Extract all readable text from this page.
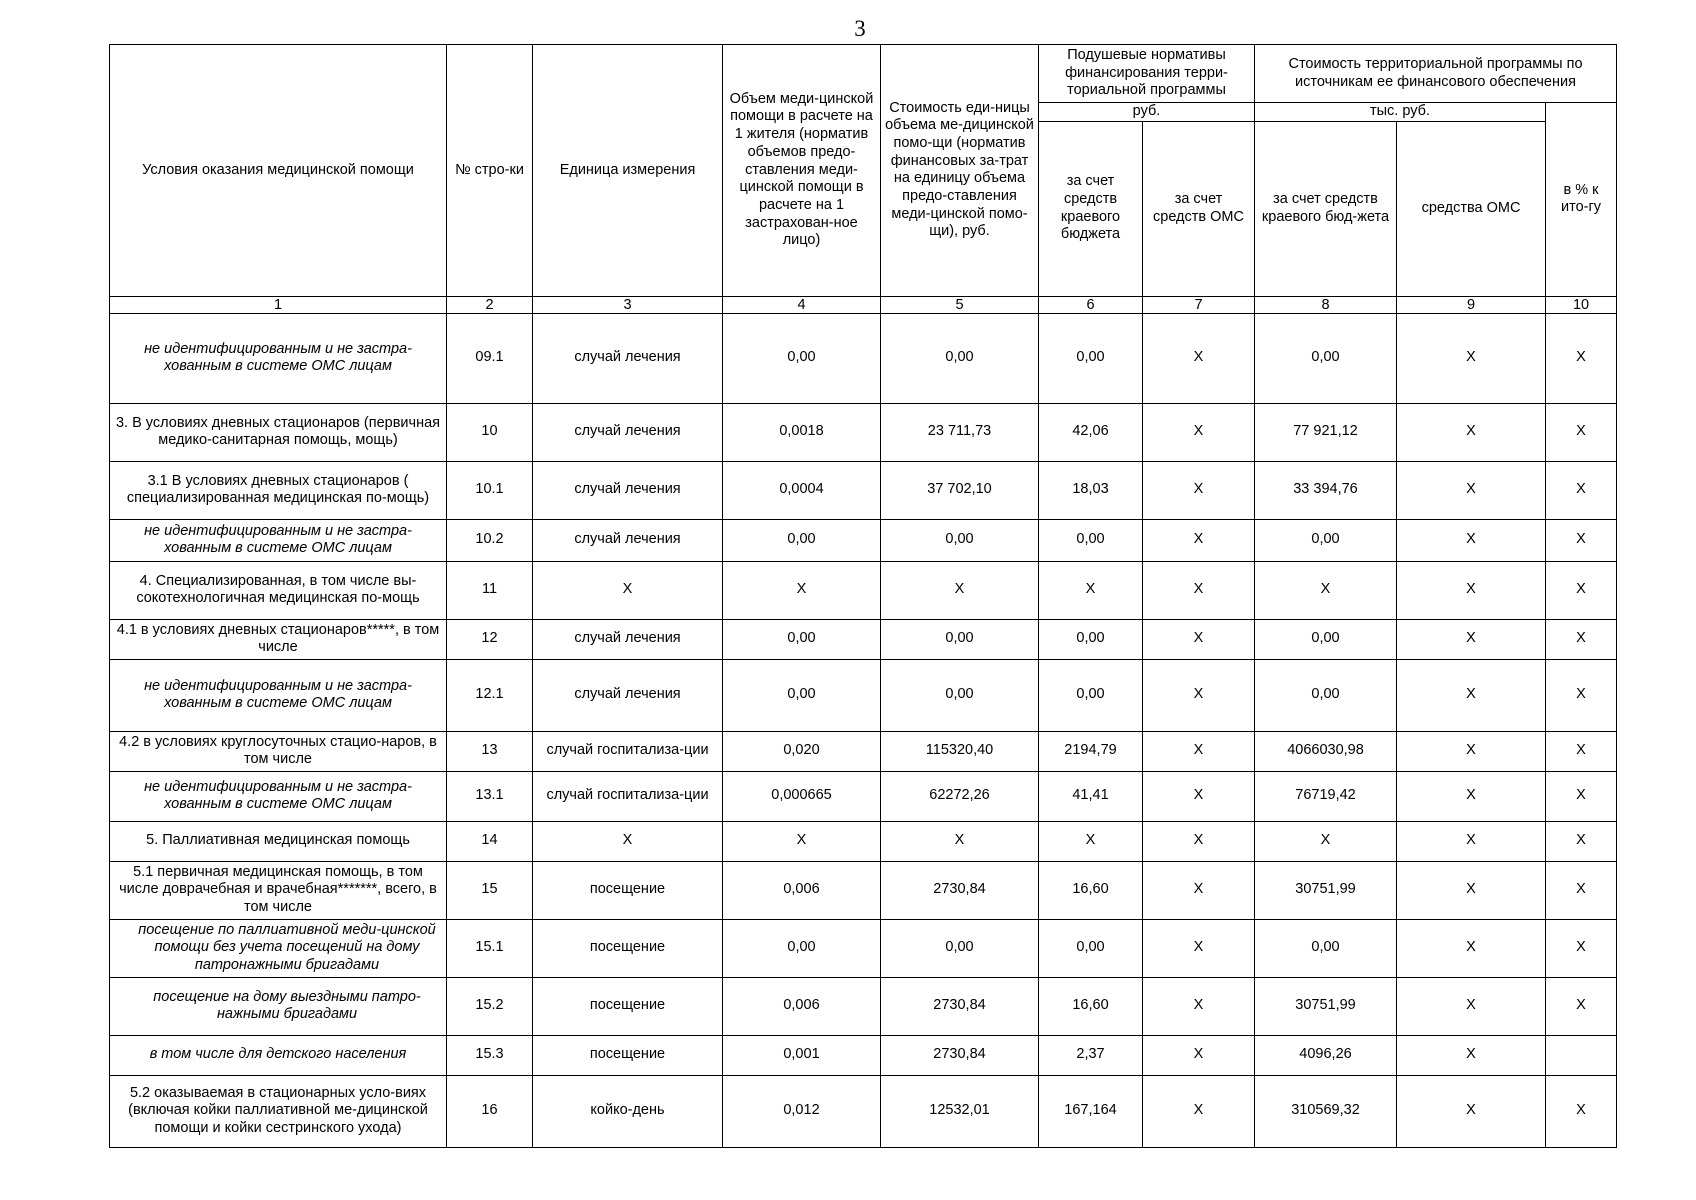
3
Условия оказания медицинской помощи	№ стро-ки	Единица измерения	Объем меди-цинской помощи в расчете на 1 жителя (норматив объемов предо-ставления меди-цинской помощи в расчете на 1 застрахован-ное лицо)	Стоимость еди-ницы объема ме-дицинской помо-щи (норматив финансовых за-трат на единицу объема предо-ставления меди-цинской помо-щи), руб.	Подушевые нормативы финансирования терри-ториальной программы		Стоимость территориальной программы по источникам ее финансового обеспечения		
					руб.		тыс. руб.		в % к ито-гу
					за счет средств краевого бюджета	за счет средств ОМС	за счет средств краевого бюд-жета	средства ОМС	
1	2	3	4	5	6	7	8	9	10
не идентифицированным и не застра-хованным в системе ОМС лицам	09.1	случай лечения	0,00	0,00	0,00	Х	0,00	Х	Х
3. В условиях дневных стационаров (первичная медико-санитарная помощь, мощь)	10	случай лечения	0,0018	23 711,73	42,06	Х	77 921,12	Х	Х
3.1 В условиях дневных стационаров ( специализированная медицинская по-мощь)	10.1	случай лечения	0,0004	37 702,10	18,03	Х	33 394,76	Х	Х
не идентифицированным и не застра-хованным в системе ОМС лицам	10.2	случай лечения	0,00	0,00	0,00	Х	0,00	Х	Х
4. Специализированная, в том числе вы-сокотехнологичная медицинская по-мощь	11	Х	Х	Х	Х	Х	Х	Х	Х
4.1 в условиях дневных стационаров*****, в том числе	12	случай лечения	0,00	0,00	0,00	Х	0,00	Х	Х
не идентифицированным и не застра-хованным в системе ОМС лицам	12.1	случай лечения	0,00	0,00	0,00	Х	0,00	Х	Х
4.2 в условиях круглосуточных стацио-наров, в том числе	13	случай госпитализа-ции	0,020	115320,40	2194,79	Х	4066030,98	Х	Х
не идентифицированным и не застра-хованным в системе ОМС лицам	13.1	случай госпитализа-ции	0,000665	62272,26	41,41	Х	76719,42	Х	Х
5. Паллиативная медицинская помощь	14	Х	Х	Х	Х	Х	Х	Х	Х
5.1 первичная медицинская помощь, в том числе доврачебная и врачебная*******, всего, в том числе	15	посещение	0,006	2730,84	16,60	Х	30751,99	Х	Х
посещение по паллиативной меди-цинской помощи без учета посещений на дому патронажными бригадами	15.1	посещение	0,00	0,00	0,00	Х	0,00	Х	Х
посещение на дому выездными патро-нажными бригадами	15.2	посещение	0,006	2730,84	16,60	Х	30751,99	Х	Х
в том числе для детского населения	15.3	посещение	0,001	2730,84	2,37	Х	4096,26	Х	
5.2 оказываемая в стационарных усло-виях (включая койки паллиативной ме-дицинской помощи и койки сестринского ухода)	16	койко-день	0,012	12532,01	167,164	Х	310569,32	Х	Х
